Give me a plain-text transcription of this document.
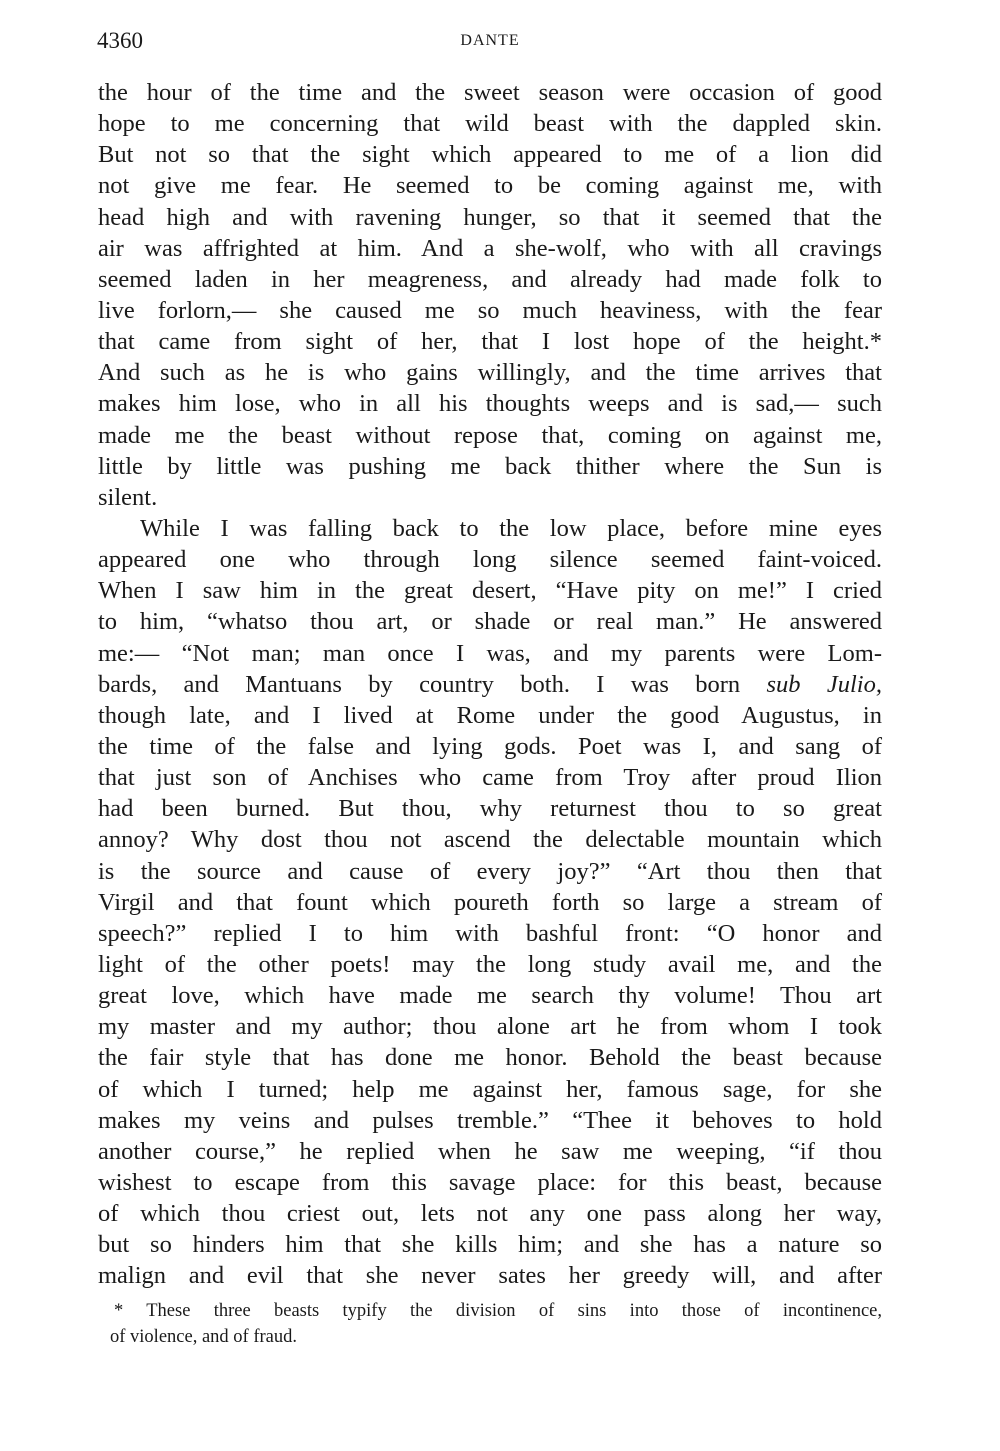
4360	DANTE
the hour of the time and the sweet season were occasion of good
hope to me concerning that wild beast with the dappled skin.
But not so that the sight which appeared to me of a lion did
not give me fear. He seemed to be coming against me, with
head high and with ravening hunger, so that it seemed that the
air was affrighted at him. And a she-wolf, who with all cravings
seemed laden in her meagreness, and already had made folk to
live forlorn,— she caused me so much heaviness, with the fear
that came from sight of her, that I lost hope of the height.*
And such as he is who gains willingly, and the time arrives that
makes him lose, who in all his thoughts weeps and is sad,— such
made me the beast without repose that, coming on against me,
little by little was pushing me back thither where the Sun is
silent.
While I was falling back to the low place, before mine eyes
appeared one who through long silence seemed faint-voiced.
When I saw him in the great desert, “Have pity on me!” I cried
to him, “whatso thou art, or shade or real man.” He answered
me:— “Not man; man once I was, and my parents were Lom-
bards, and Mantuans by country both. I was born sub Julio,
though late, and I lived at Rome under the good Augustus, in
the time of the false and lying gods. Poet was I, and sang of
that just son of Anchises who came from Troy after proud Ilion
had been burned. But thou, why returnest thou to so great
annoy? Why dost thou not ascend the delectable mountain which
is the source and cause of every joy?” “Art thou then that
Virgil and that fount which poureth forth so large a stream of
speech?” replied I to him with bashful front: “O honor and
light of the other poets! may the long study avail me, and the
great love, which have made me search thy volume! Thou art
my master and my author; thou alone art he from whom I took
the fair style that has done me honor. Behold the beast because
of which I turned; help me against her, famous sage, for she
makes my veins and pulses tremble.” “Thee it behoves to hold
another course,” he replied when he saw me weeping, “if thou
wishest to escape from this savage place: for this beast, because
of which thou criest out, lets not any one pass along her way,
but so hinders him that she kills him; and she has a nature so
malign and evil that she never sates her greedy will, and after
* These three beasts typify the division of sins into those of incontinence,
of violence, and of fraud.
